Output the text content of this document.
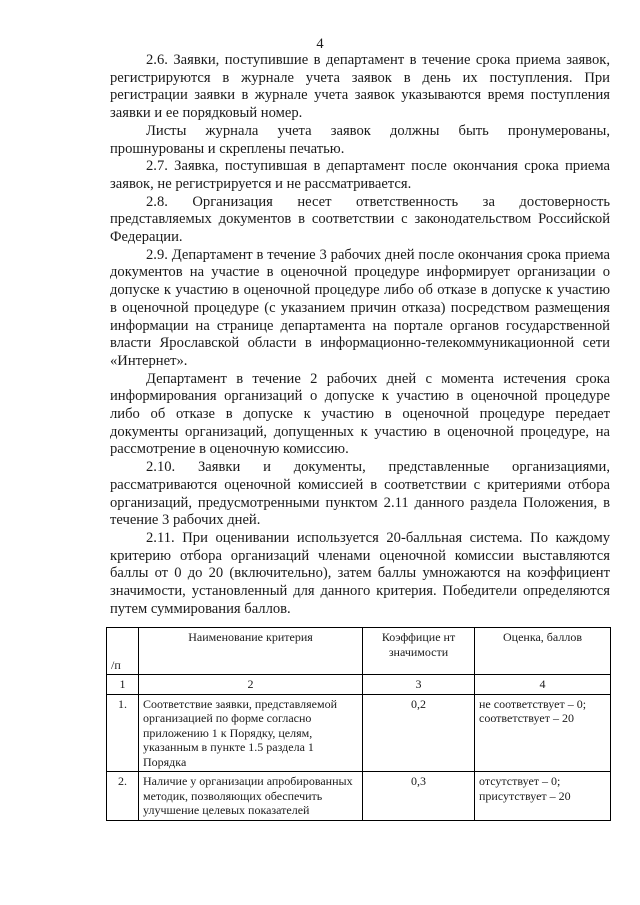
4

2.6. Заявки, поступившие в департамент в течение срока приема заявок, регистрируются в журнале учета заявок в день их поступления. При регистрации заявки в журнале учета заявок указываются время поступления заявки и ее порядковый номер.

Листы журнала учета заявок должны быть пронумерованы, прошнурованы и скреплены печатью.

2.7. Заявка, поступившая в департамент после окончания срока приема заявок, не регистрируется и не рассматривается.

2.8. Организация несет ответственность за достоверность представляемых документов в соответствии с законодательством Российской Федерации.

2.9. Департамент в течение 3 рабочих дней после окончания срока приема документов на участие в оценочной процедуре информирует организации о допуске к участию в оценочной процедуре либо об отказе в допуске к участию в оценочной процедуре (с указанием причин отказа) посредством размещения информации на странице департамента на портале органов государственной власти Ярославской области в информационно-телекоммуникационной сети «Интернет».

Департамент в течение 2 рабочих дней с момента истечения срока информирования организаций о допуске к участию в оценочной процедуре либо об отказе в допуске к участию в оценочной процедуре передает документы организаций, допущенных к участию в оценочной процедуре, на рассмотрение в оценочную комиссию.

2.10. Заявки и документы, представленные организациями, рассматриваются оценочной комиссией в соответствии с критериями отбора организаций, предусмотренными пунктом 2.11 данного раздела Положения, в течение 3 рабочих дней.

2.11. При оценивании используется 20-балльная система. По каждому критерию отбора организаций членами оценочной комиссии выставляются баллы от 0 до 20 (включительно), затем баллы умножаются на коэффициент значимости, установленный для данного критерия. Победители определяются путем суммирования баллов.

/п	Наименование критерия	Коэффицие нт значимости	Оценка, баллов
1	2	3	4
1.	Соответствие заявки, представляемой организацией по форме согласно приложению 1 к Порядку, целям, указанным в пункте 1.5 раздела 1 Порядка	0,2	не соответствует – 0;
соответствует – 20

2.	Наличие у организации апробированных методик, позволяющих обеспечить улучшение целевых показателей	0,3	отсутствует – 0;
присутствует – 20
